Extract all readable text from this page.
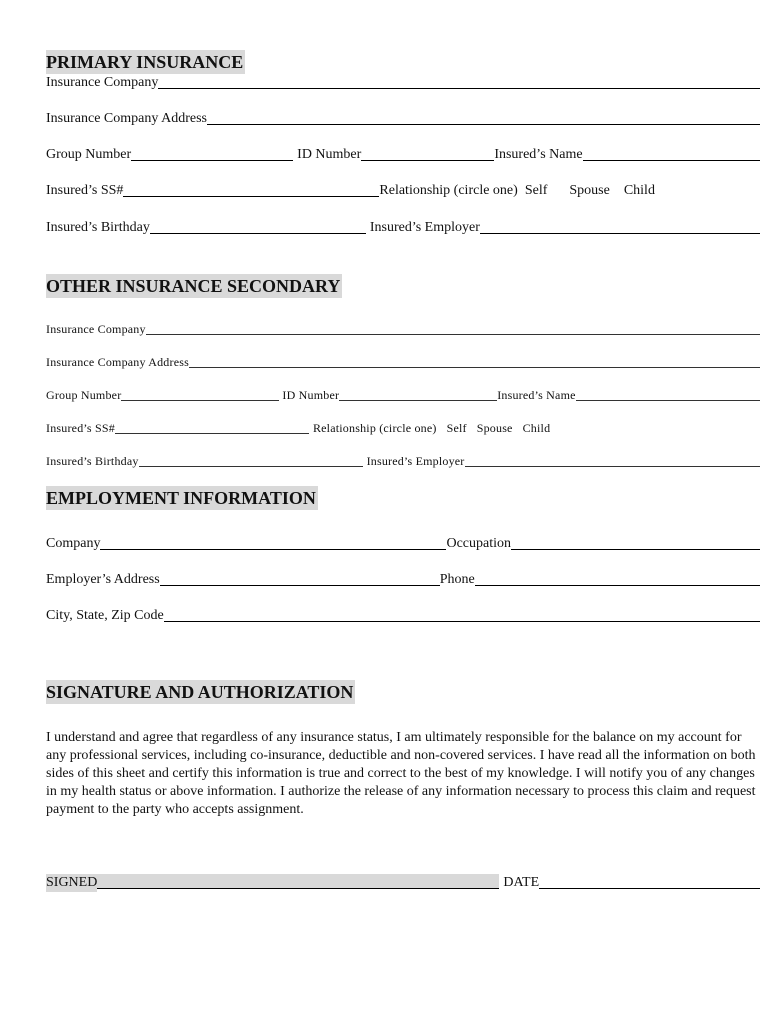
PRIMARY INSURANCE
Insurance Company
Insurance Company Address
Group Number	ID Number	Insured’s Name
Insured’s SS#	Relationship (circle one) Self Spouse Child
Insured’s Birthday	Insured’s Employer
OTHER INSURANCE SECONDARY
Insurance Company
Insurance Company Address
Group Number	ID Number	Insured’s Name
Insured’s SS#	Relationship (circle one) Self Spouse Child
Insured’s Birthday	Insured’s Employer
EMPLOYMENT INFORMATION
Company	Occupation
Employer’s Address	Phone
City, State, Zip Code
SIGNATURE AND AUTHORIZATION
I understand and agree that regardless of any insurance status, I am ultimately responsible for the balance on my account for any professional services, including co-insurance, deductible and non-covered services. I have read all the information on both sides of this sheet and certify this information is true and correct to the best of my knowledge. I will notify you of any changes in my health status or above information. I authorize the release of any information necessary to process this claim and request payment to the party who accepts assignment.
SIGNED	DATE
